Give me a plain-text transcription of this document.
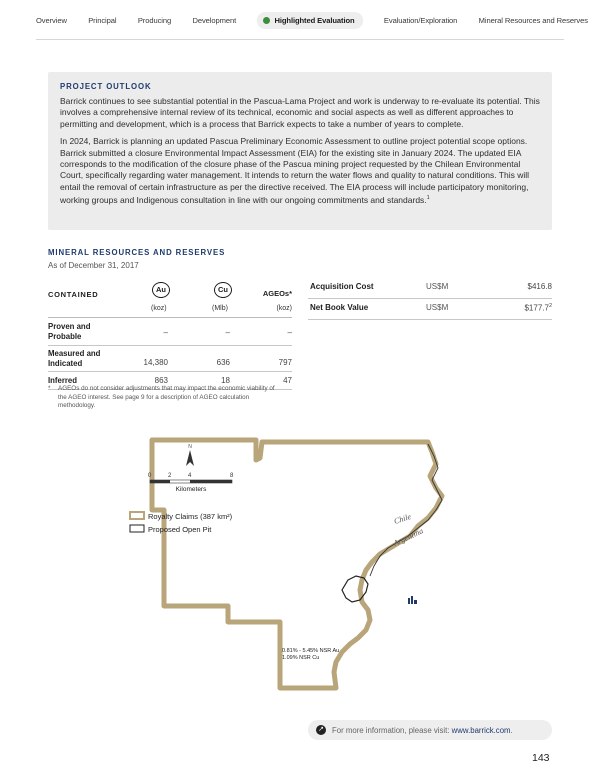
Overview	Principal	Producing	Development	Highlighted Evaluation	Evaluation/Exploration	Mineral Resources and Reserves
PROJECT OUTLOOK

Barrick continues to see substantial potential in the Pascua-Lama Project and work is underway to re-evaluate its potential. This involves a comprehensive internal review of its technical, economic and social aspects as well as different approaches to permitting and development, which is a process that Barrick expects to take a number of years to complete.

In 2024, Barrick is planning an updated Pascua Preliminary Economic Assessment to outline project potential scope options. Barrick submitted a closure Environmental Impact Assessment (EIA) for the existing site in January 2024. The updated EIA corresponds to the modification of the closure phase of the Pascua mining project requested by the Chilean Environmental Court, specifically regarding water management. It intends to return the water flows and quality to natural conditions. This will entail the removal of certain infrastructure as per the directive received. The EIA process will include participatory monitoring, working groups and Indigenous consultation in line with our ongoing commitments and standards.$^1$

MINERAL RESOURCES AND RESERVES
As of December 31, 2017
CONTAINED
Au	Cu	AGEOs*
(koz)	(Mlb)	(koz)
Proven and
Probable	–	–	–
Measured and
Indicated	14,380	636	797
Inferred	863	18	47
*	AGEOs do not consider adjustments that may impact the economic viability of the AGEO interest. See page 9 for a description of AGEO calculation methodology.
Acquisition Cost	US$M	$416.8
Net Book Value	US$M	$177.7$^2$
N
0	2	4	8
Kilometers
Royalty Claims (387 km²)
Proposed Open Pit
Chile
Argentina
0.81% - 5.45% NSR Au
1.09% NSR Cu
↗ For more information, please visit: www.barrick.com.
143
